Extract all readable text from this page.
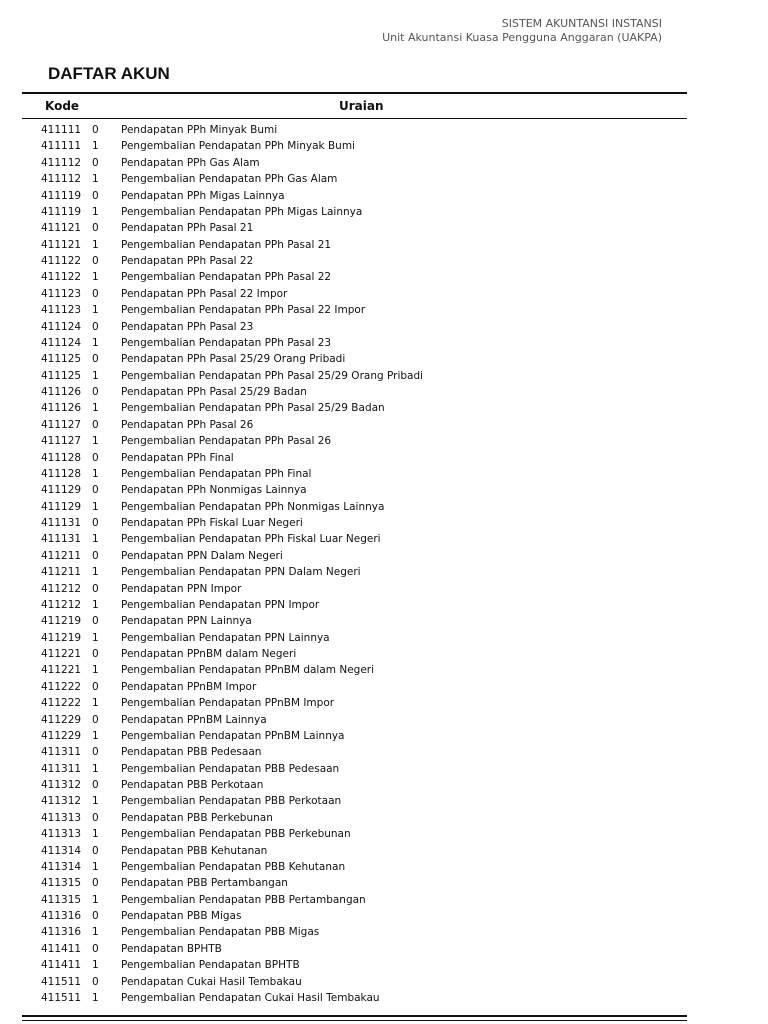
SISTEM AKUNTANSI INSTANSI
Unit Akuntansi Kuasa Pengguna Anggaran (UAKPA)
DAFTAR AKUN
Kode	Uraian
411111 0 Pendapatan PPh Minyak Bumi
411111 1 Pengembalian Pendapatan PPh Minyak Bumi
411112 0 Pendapatan PPh Gas Alam
411112 1 Pengembalian Pendapatan PPh Gas Alam
411119 0 Pendapatan PPh Migas Lainnya
411119 1 Pengembalian Pendapatan PPh Migas Lainnya
411121 0 Pendapatan PPh Pasal 21
411121 1 Pengembalian Pendapatan PPh Pasal 21
411122 0 Pendapatan PPh Pasal 22
411122 1 Pengembalian Pendapatan PPh Pasal 22
411123 0 Pendapatan PPh Pasal 22 Impor
411123 1 Pengembalian Pendapatan PPh Pasal 22 Impor
411124 0 Pendapatan PPh Pasal 23
411124 1 Pengembalian Pendapatan PPh Pasal 23
411125 0 Pendapatan PPh Pasal 25/29 Orang Pribadi
411125 1 Pengembalian Pendapatan PPh Pasal 25/29 Orang Pribadi
411126 0 Pendapatan PPh Pasal 25/29 Badan
411126 1 Pengembalian Pendapatan PPh Pasal 25/29 Badan
411127 0 Pendapatan PPh Pasal 26
411127 1 Pengembalian Pendapatan PPh Pasal 26
411128 0 Pendapatan PPh Final
411128 1 Pengembalian Pendapatan PPh Final
411129 0 Pendapatan PPh Nonmigas Lainnya
411129 1 Pengembalian Pendapatan PPh Nonmigas Lainnya
411131 0 Pendapatan PPh Fiskal Luar Negeri
411131 1 Pengembalian Pendapatan PPh Fiskal Luar Negeri
411211 0 Pendapatan PPN Dalam Negeri
411211 1 Pengembalian Pendapatan PPN Dalam Negeri
411212 0 Pendapatan PPN Impor
411212 1 Pengembalian Pendapatan PPN Impor
411219 0 Pendapatan PPN Lainnya
411219 1 Pengembalian Pendapatan PPN Lainnya
411221 0 Pendapatan PPnBM dalam Negeri
411221 1 Pengembalian Pendapatan PPnBM dalam Negeri
411222 0 Pendapatan PPnBM Impor
411222 1 Pengembalian Pendapatan PPnBM Impor
411229 0 Pendapatan PPnBM Lainnya
411229 1 Pengembalian Pendapatan PPnBM Lainnya
411311 0 Pendapatan PBB Pedesaan
411311 1 Pengembalian Pendapatan PBB Pedesaan
411312 0 Pendapatan PBB Perkotaan
411312 1 Pengembalian Pendapatan PBB Perkotaan
411313 0 Pendapatan PBB Perkebunan
411313 1 Pengembalian Pendapatan PBB Perkebunan
411314 0 Pendapatan PBB Kehutanan
411314 1 Pengembalian Pendapatan PBB Kehutanan
411315 0 Pendapatan PBB Pertambangan
411315 1 Pengembalian Pendapatan PBB Pertambangan
411316 0 Pendapatan PBB Migas
411316 1 Pengembalian Pendapatan PBB Migas
411411 0 Pendapatan BPHTB
411411 1 Pengembalian Pendapatan BPHTB
411511 0 Pendapatan Cukai Hasil Tembakau
411511 1 Pengembalian Pendapatan Cukai Hasil Tembakau
